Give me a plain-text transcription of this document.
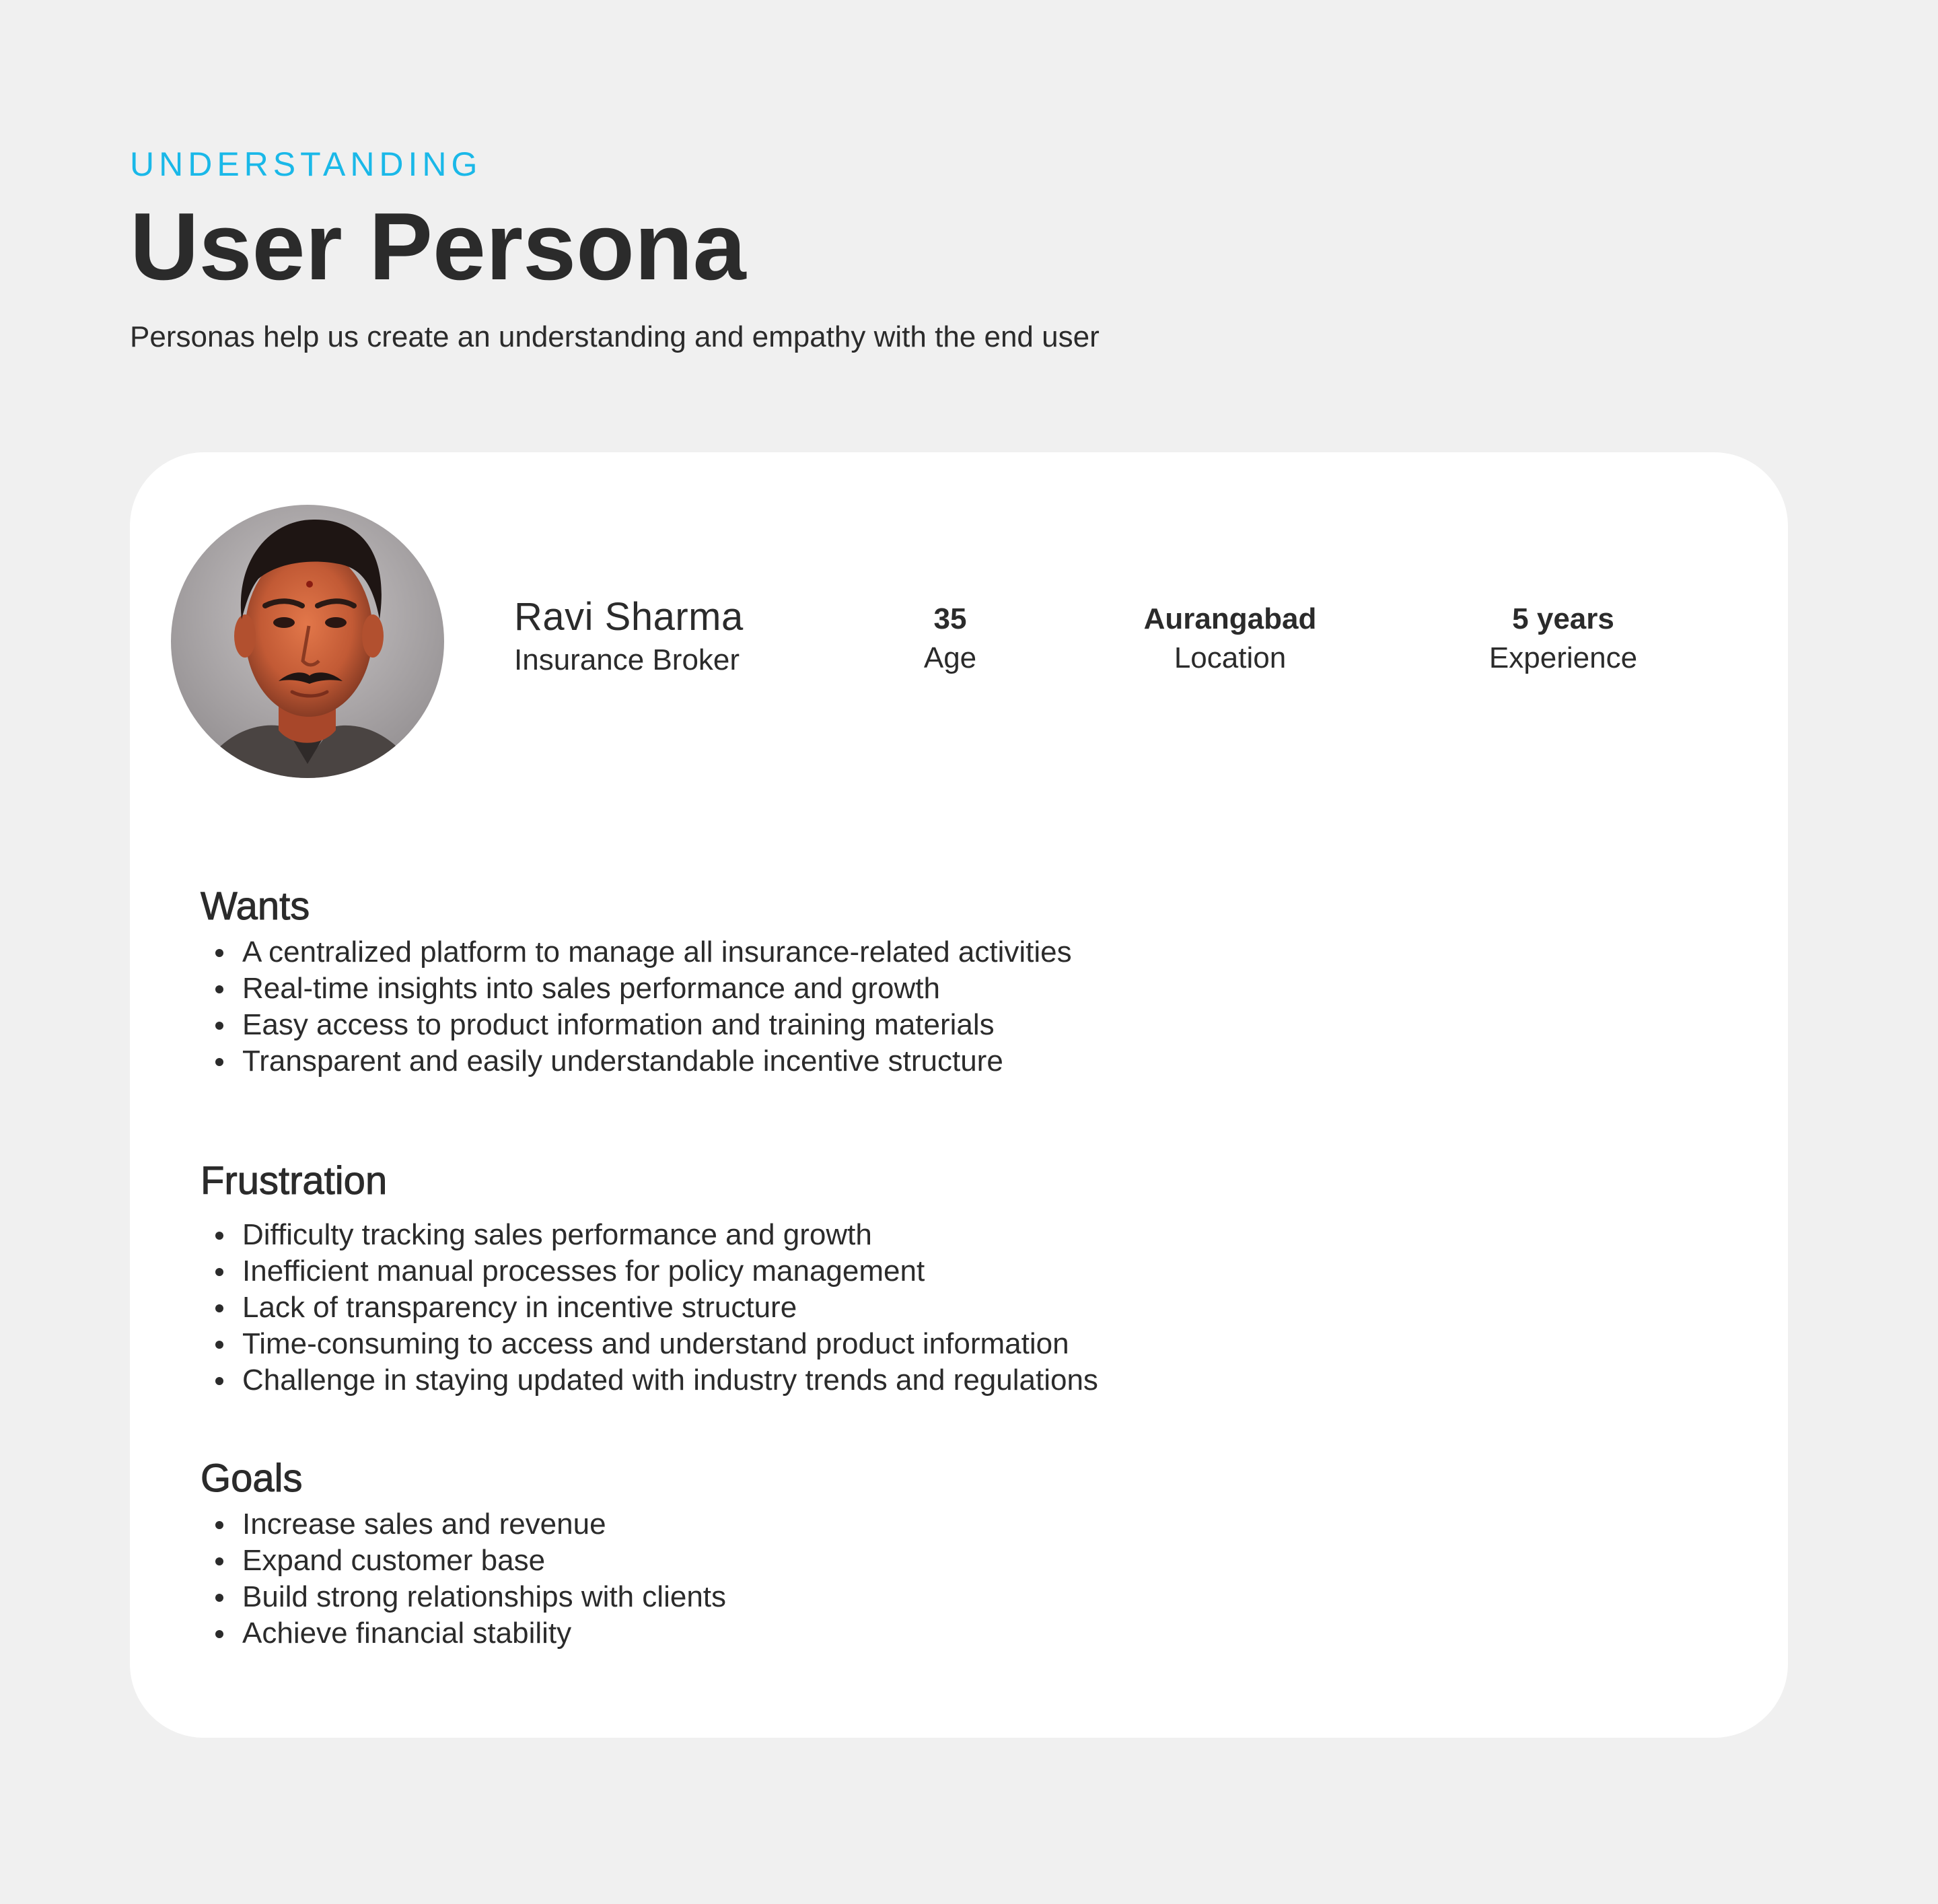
UNDERSTANDING
User Persona
Personas help us create an understanding and empathy with the end user
Ravi Sharma
Insurance Broker
35
Age
Aurangabad
Location
5 years
Experience
Wants
A centralized platform to manage all insurance-related activities
Real-time insights into sales performance and growth
Easy access to product information and training materials
Transparent and easily understandable incentive structure
Frustration
Difficulty tracking sales performance and growth
Inefficient manual processes for policy management
Lack of transparency in incentive structure
Time-consuming to access and understand product information
Challenge in staying updated with industry trends and regulations
Goals
Increase sales and revenue
Expand customer base
Build strong relationships with clients
Achieve financial stability
